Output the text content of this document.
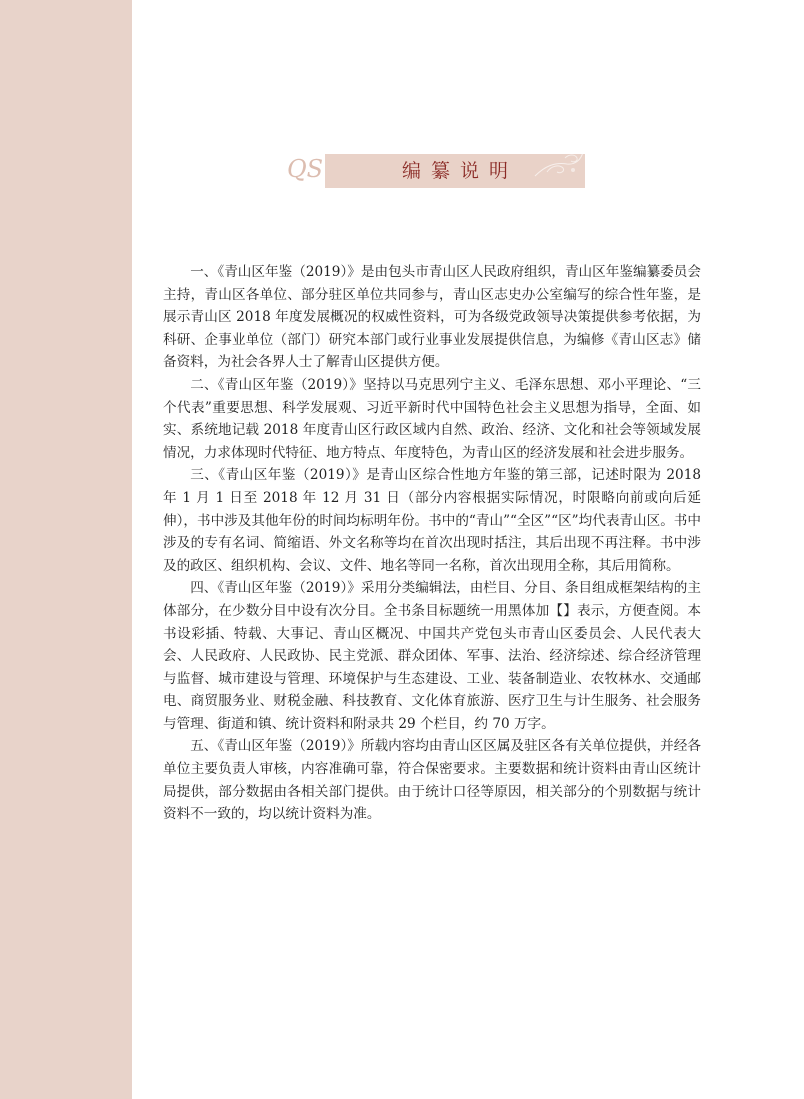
QS	编纂说明

一、《青山区年鉴（2019）》是由包头市青山区人民政府组织，青山区年鉴编纂委员会主持，青山区各单位、部分驻区单位共同参与，青山区志史办公室编写的综合性年鉴，是展示青山区 2018 年度发展概况的权威性资料，可为各级党政领导决策提供参考依据，为科研、企事业单位（部门）研究本部门或行业事业发展提供信息，为编修《青山区志》储备资料，为社会各界人士了解青山区提供方便。

二、《青山区年鉴（2019）》坚持以马克思列宁主义、毛泽东思想、邓小平理论、“三个代表”重要思想、科学发展观、习近平新时代中国特色社会主义思想为指导，全面、如实、系统地记载 2018 年度青山区行政区域内自然、政治、经济、文化和社会等领域发展情况，力求体现时代特征、地方特点、年度特色，为青山区的经济发展和社会进步服务。

三、《青山区年鉴（2019）》是青山区综合性地方年鉴的第三部，记述时限为 2018 年 1 月 1 日至 2018 年 12 月 31 日（部分内容根据实际情况，时限略向前或向后延伸），书中涉及其他年份的时间均标明年份。书中的“青山”“全区”“区”均代表青山区。书中涉及的专有名词、简缩语、外文名称等均在首次出现时括注，其后出现不再注释。书中涉及的政区、组织机构、会议、文件、地名等同一名称，首次出现用全称，其后用简称。

四、《青山区年鉴（2019）》采用分类编辑法，由栏目、分目、条目组成框架结构的主体部分，在少数分目中设有次分目。全书条目标题统一用黑体加【】表示，方便查阅。本书设彩插、特载、大事记、青山区概况、中国共产党包头市青山区委员会、人民代表大会、人民政府、人民政协、民主党派、群众团体、军事、法治、经济综述、综合经济管理与监督、城市建设与管理、环境保护与生态建设、工业、装备制造业、农牧林水、交通邮电、商贸服务业、财税金融、科技教育、文化体育旅游、医疗卫生与计生服务、社会服务与管理、街道和镇、统计资料和附录共 29 个栏目，约 70 万字。

五、《青山区年鉴（2019）》所载内容均由青山区区属及驻区各有关单位提供，并经各单位主要负责人审核，内容准确可靠，符合保密要求。主要数据和统计资料由青山区统计局提供，部分数据由各相关部门提供。由于统计口径等原因，相关部分的个别数据与统计资料不一致的，均以统计资料为准。
